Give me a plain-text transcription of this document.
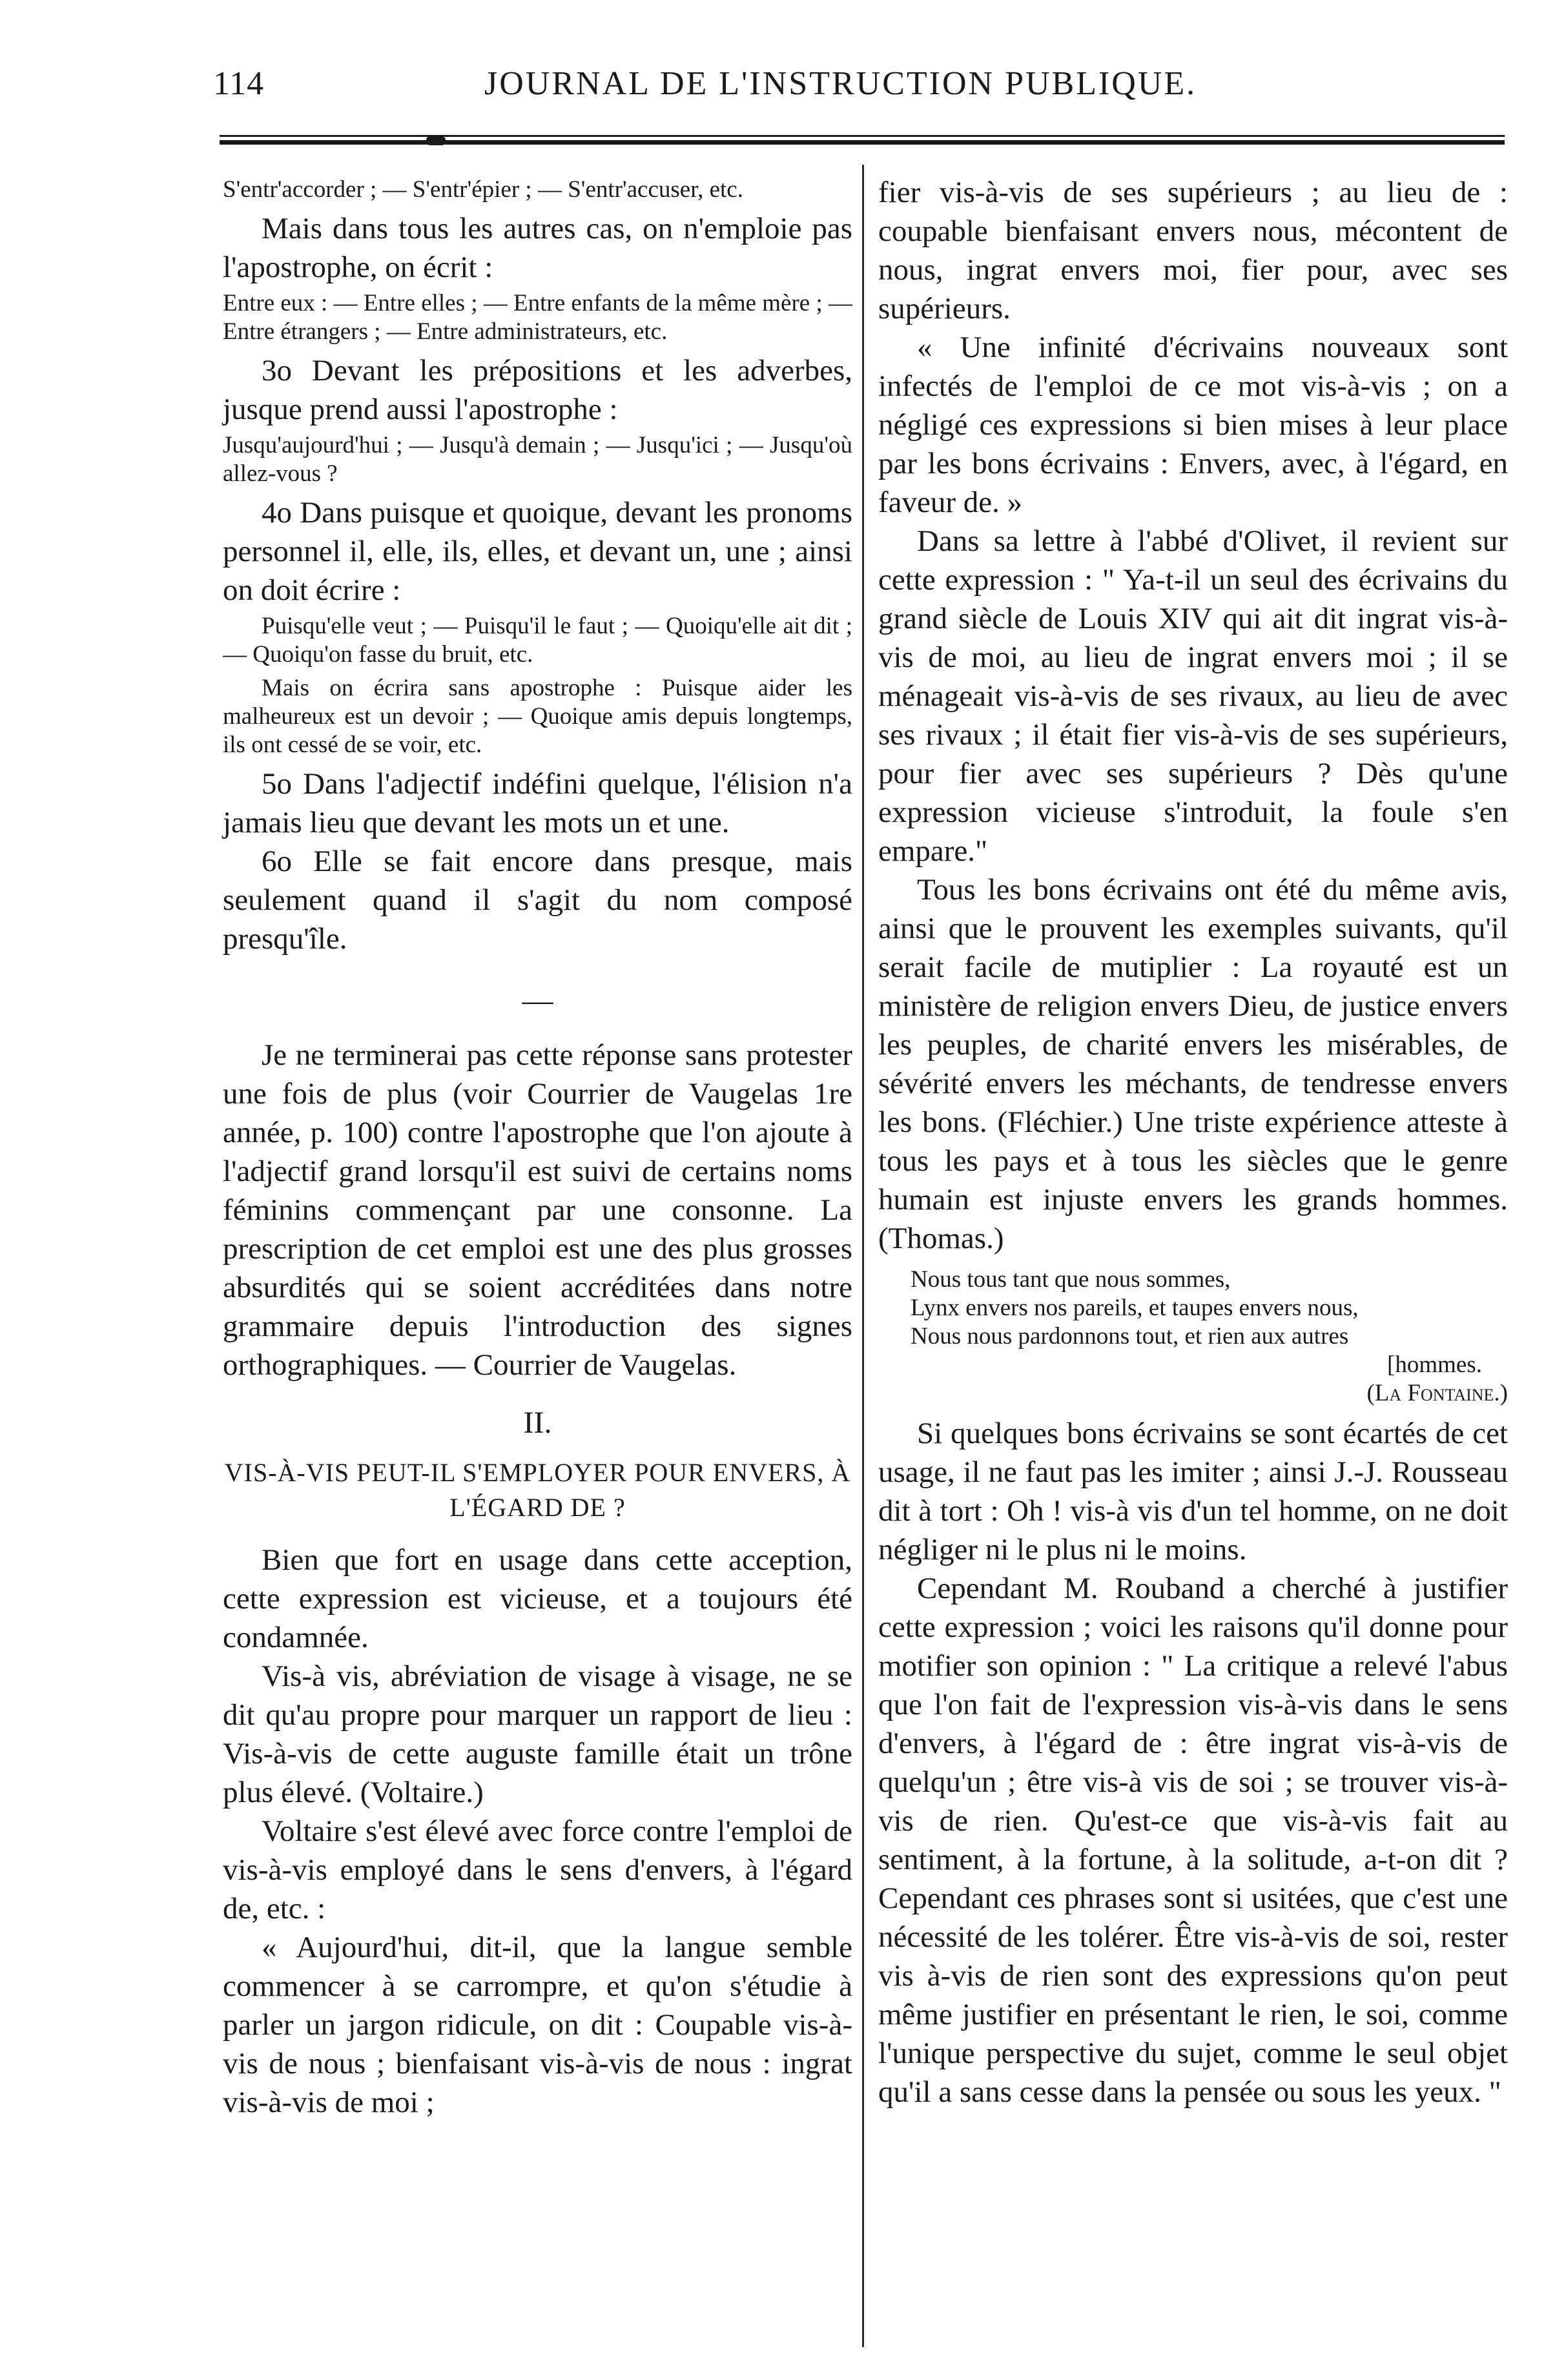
114	JOURNAL DE L'INSTRUCTION PUBLIQUE.

S'entr'accorder ; — S'entr'épier ; — S'entr'accuser, etc.

Mais dans tous les autres cas, on n'emploie pas l'apostrophe, on écrit :

Entre eux : — Entre elles ; — Entre enfants de la même mère ; — Entre étrangers ; — Entre administrateurs, etc.

3o Devant les prépositions et les adverbes, jusque prend aussi l'apostrophe :

Jusqu'aujourd'hui ; — Jusqu'à demain ; — Jusqu'ici ; — Jusqu'où allez-vous ?

4o Dans puisque et quoique, devant les pronoms personnel il, elle, ils, elles, et devant un, une ; ainsi on doit écrire :

Puisqu'elle veut ; — Puisqu'il le faut ; — Quoiqu'elle ait dit ; — Quoiqu'on fasse du bruit, etc.

Mais on écrira sans apostrophe : Puisque aider les malheureux est un devoir ; — Quoique amis depuis longtemps, ils ont cessé de se voir, etc.

5o Dans l'adjectif indéfini quelque, l'élision n'a jamais lieu que devant les mots un et une.

6o Elle se fait encore dans presque, mais seulement quand il s'agit du nom composé presqu'île.

—

Je ne terminerai pas cette réponse sans protester une fois de plus (voir Courrier de Vaugelas 1re année, p. 100) contre l'apostrophe que l'on ajoute à l'adjectif grand lorsqu'il est suivi de certains noms féminins commençant par une consonne. La prescription de cet emploi est une des plus grosses absurdités qui se soient accréditées dans notre grammaire depuis l'introduction des signes orthographiques. — Courrier de Vaugelas.

II.

VIS-À-VIS PEUT-IL S'EMPLOYER POUR ENVERS, À L'ÉGARD DE ?

Bien que fort en usage dans cette acception, cette expression est vicieuse, et a toujours été condamnée.

Vis-à vis, abréviation de visage à visage, ne se dit qu'au propre pour marquer un rapport de lieu : Vis-à-vis de cette auguste famille était un trône plus élevé. (Voltaire.)

Voltaire s'est élevé avec force contre l'emploi de vis-à-vis employé dans le sens d'envers, à l'égard de, etc. :

« Aujourd'hui, dit-il, que la langue semble commencer à se carrompre, et qu'on s'étudie à parler un jargon ridicule, on dit : Coupable vis-à-vis de nous ; bienfaisant vis-à-vis de nous : ingrat vis-à-vis de moi ;

fier vis-à-vis de ses supérieurs ; au lieu de : coupable bienfaisant envers nous, mécontent de nous, ingrat envers moi, fier pour, avec ses supérieurs.

« Une infinité d'écrivains nouveaux sont infectés de l'emploi de ce mot vis-à-vis ; on a négligé ces expressions si bien mises à leur place par les bons écrivains : Envers, avec, à l'égard, en faveur de. »

Dans sa lettre à l'abbé d'Olivet, il revient sur cette expression : " Ya-t-il un seul des écrivains du grand siècle de Louis XIV qui ait dit ingrat vis-à-vis de moi, au lieu de ingrat envers moi ; il se ménageait vis-à-vis de ses rivaux, au lieu de avec ses rivaux ; il était fier vis-à-vis de ses supérieurs, pour fier avec ses supérieurs ? Dès qu'une expression vicieuse s'introduit, la foule s'en empare."

Tous les bons écrivains ont été du même avis, ainsi que le prouvent les exemples suivants, qu'il serait facile de mutiplier : La royauté est un ministère de religion envers Dieu, de justice envers les peuples, de charité envers les misérables, de sévérité envers les méchants, de tendresse envers les bons. (Fléchier.) Une triste expérience atteste à tous les pays et à tous les siècles que le genre humain est injuste envers les grands hommes. (Thomas.)

Nous tous tant que nous sommes,
Lynx envers nos pareils, et taupes envers nous,
Nous nous pardonnons tout, et rien aux autres
[hommes.
(La Fontaine.)

Si quelques bons écrivains se sont écartés de cet usage, il ne faut pas les imiter ; ainsi J.-J. Rousseau dit à tort : Oh ! vis-à vis d'un tel homme, on ne doit négliger ni le plus ni le moins.

Cependant M. Rouband a cherché à justifier cette expression ; voici les raisons qu'il donne pour motifier son opinion : " La critique a relevé l'abus que l'on fait de l'expression vis-à-vis dans le sens d'envers, à l'égard de : être ingrat vis-à-vis de quelqu'un ; être vis-à vis de soi ; se trouver vis-à-vis de rien. Qu'est-ce que vis-à-vis fait au sentiment, à la fortune, à la solitude, a-t-on dit ? Cependant ces phrases sont si usitées, que c'est une nécessité de les tolérer. Être vis-à-vis de soi, rester vis à-vis de rien sont des expressions qu'on peut même justifier en présentant le rien, le soi, comme l'unique perspective du sujet, comme le seul objet qu'il a sans cesse dans la pensée ou sous les yeux. "
